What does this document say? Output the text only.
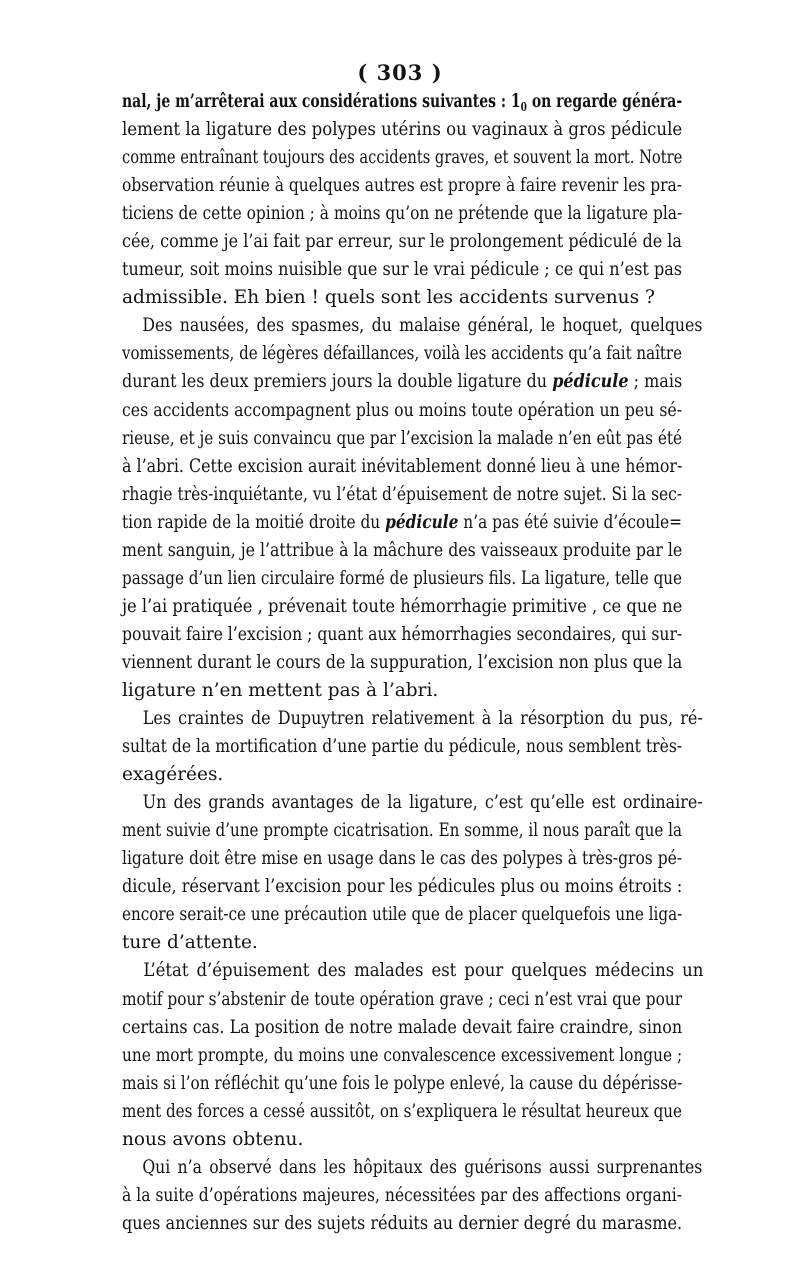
( 303 )
nal, je m’arrêterai aux considérations suivantes : $1_0$ on regarde généra-
lement la ligature des polypes utérins ou vaginaux à gros pédicule
comme entraînant toujours des accidents graves, et souvent la mort. Notre
observation réunie à quelques autres est propre à faire revenir les pra-
ticiens de cette opinion ; à moins qu’on ne prétende que la ligature pla-
cée, comme je l’ai fait par erreur, sur le prolongement pédiculé de la
tumeur, soit moins nuisible que sur le vrai pédicule ; ce qui n’est pas
admissible. Eh bien ! quels sont les accidents survenus ?
Des nausées, des spasmes, du malaise général, le hoquet, quelques
vomissements, de légères défaillances, voilà les accidents qu’a fait naître
durant les deux premiers jours la double ligature du pédicule ; mais
ces accidents accompagnent plus ou moins toute opération un peu sé-
rieuse, et je suis convaincu que par l’excision la malade n’en eût pas été
à l’abri. Cette excision aurait inévitablement donné lieu à une hémor-
rhagie très-inquiétante, vu l’état d’épuisement de notre sujet. Si la sec-
tion rapide de la moitié droite du pédicule n’a pas été suivie d’écoule=
ment sanguin, je l’attribue à la mâchure des vaisseaux produite par le
passage d’un lien circulaire formé de plusieurs fils. La ligature, telle que
je l’ai pratiquée , prévenait toute hémorrhagie primitive , ce que ne
pouvait faire l’excision ; quant aux hémorrhagies secondaires, qui sur-
viennent durant le cours de la suppuration, l’excision non plus que la
ligature n’en mettent pas à l’abri.
Les craintes de Dupuytren relativement à la résorption du pus, ré-
sultat de la mortification d’une partie du pédicule, nous semblent très-
exagérées.
Un des grands avantages de la ligature, c’est qu’elle est ordinaire-
ment suivie d’une prompte cicatrisation. En somme, il nous paraît que la
ligature doit être mise en usage dans le cas des polypes à très-gros pé-
dicule, réservant l’excision pour les pédicules plus ou moins étroits :
encore serait-ce une précaution utile que de placer quelquefois une liga-
ture d’attente.
L’état d’épuisement des malades est pour quelques médecins un
motif pour s’abstenir de toute opération grave ; ceci n’est vrai que pour
certains cas. La position de notre malade devait faire craindre, sinon
une mort prompte, du moins une convalescence excessivement longue ;
mais si l’on réfléchit qu’une fois le polype enlevé, la cause du dépérisse-
ment des forces a cessé aussitôt, on s’expliquera le résultat heureux que
nous avons obtenu.
Qui n’a observé dans les hôpitaux des guérisons aussi surprenantes
à la suite d’opérations majeures, nécessitées par des affections organi-
ques anciennes sur des sujets réduits au dernier degré du marasme.
